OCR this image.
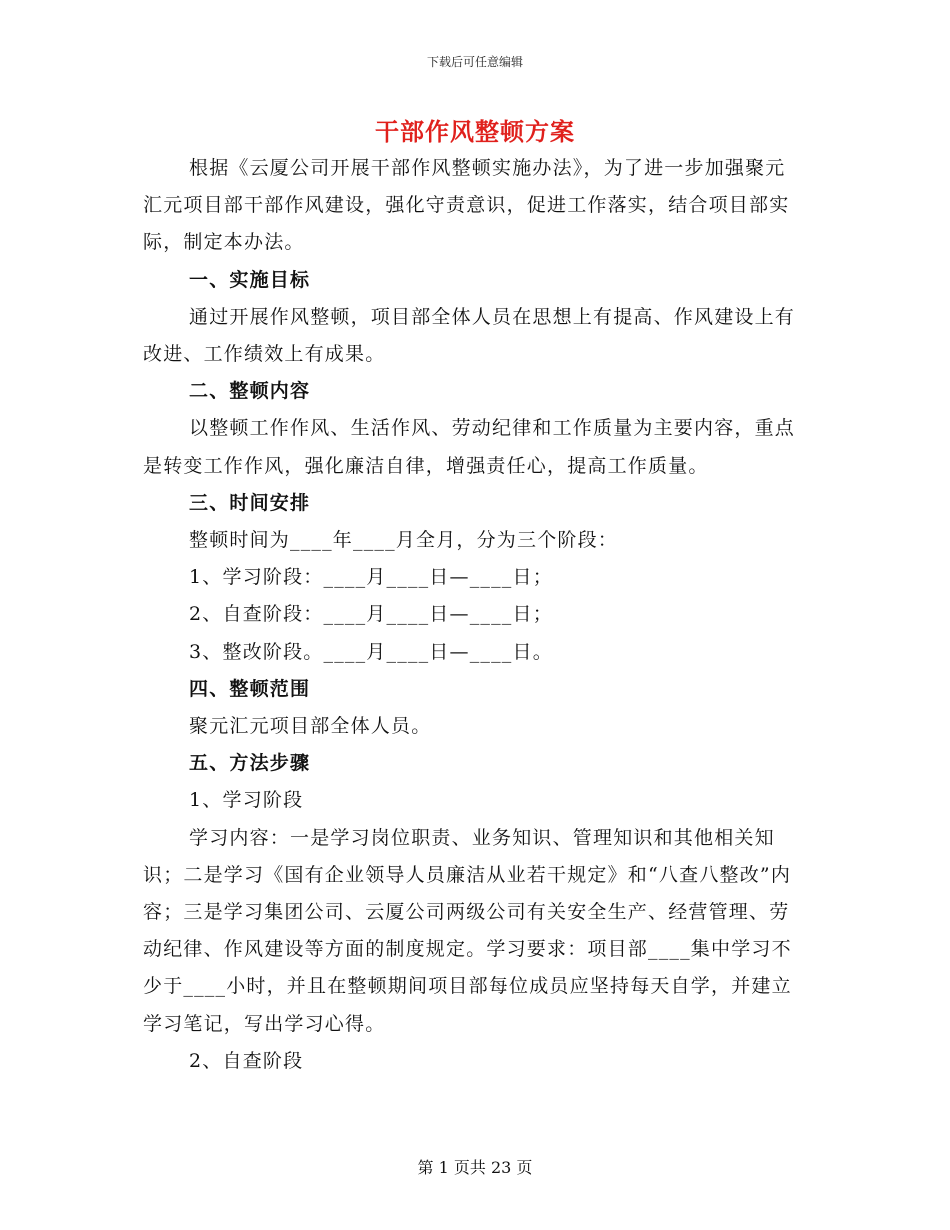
下载后可任意编辑
干部作风整顿方案

根据《云厦公司开展干部作风整顿实施办法》，为了进一步加强聚元汇元项目部干部作风建设，强化守责意识，促进工作落实，结合项目部实际，制定本办法。

一、实施目标

通过开展作风整顿，项目部全体人员在思想上有提高、作风建设上有改进、工作绩效上有成果。

二、整顿内容

以整顿工作作风、生活作风、劳动纪律和工作质量为主要内容，重点是转变工作作风，强化廉洁自律，增强责任心，提高工作质量。

三、时间安排

整顿时间为____年____月全月，分为三个阶段：

1、学习阶段：____月____日—____日；

2、自查阶段：____月____日—____日；

3、整改阶段。____月____日—____日。

四、整顿范围

聚元汇元项目部全体人员。

五、方法步骤

1、学习阶段

学习内容：一是学习岗位职责、业务知识、管理知识和其他相关知识；二是学习《国有企业领导人员廉洁从业若干规定》和“八查八整改”内容；三是学习集团公司、云厦公司两级公司有关安全生产、经营管理、劳动纪律、作风建设等方面的制度规定。学习要求：项目部____集中学习不少于____小时，并且在整顿期间项目部每位成员应坚持每天自学，并建立学习笔记，写出学习心得。

2、自查阶段

第 1 页共 23 页
